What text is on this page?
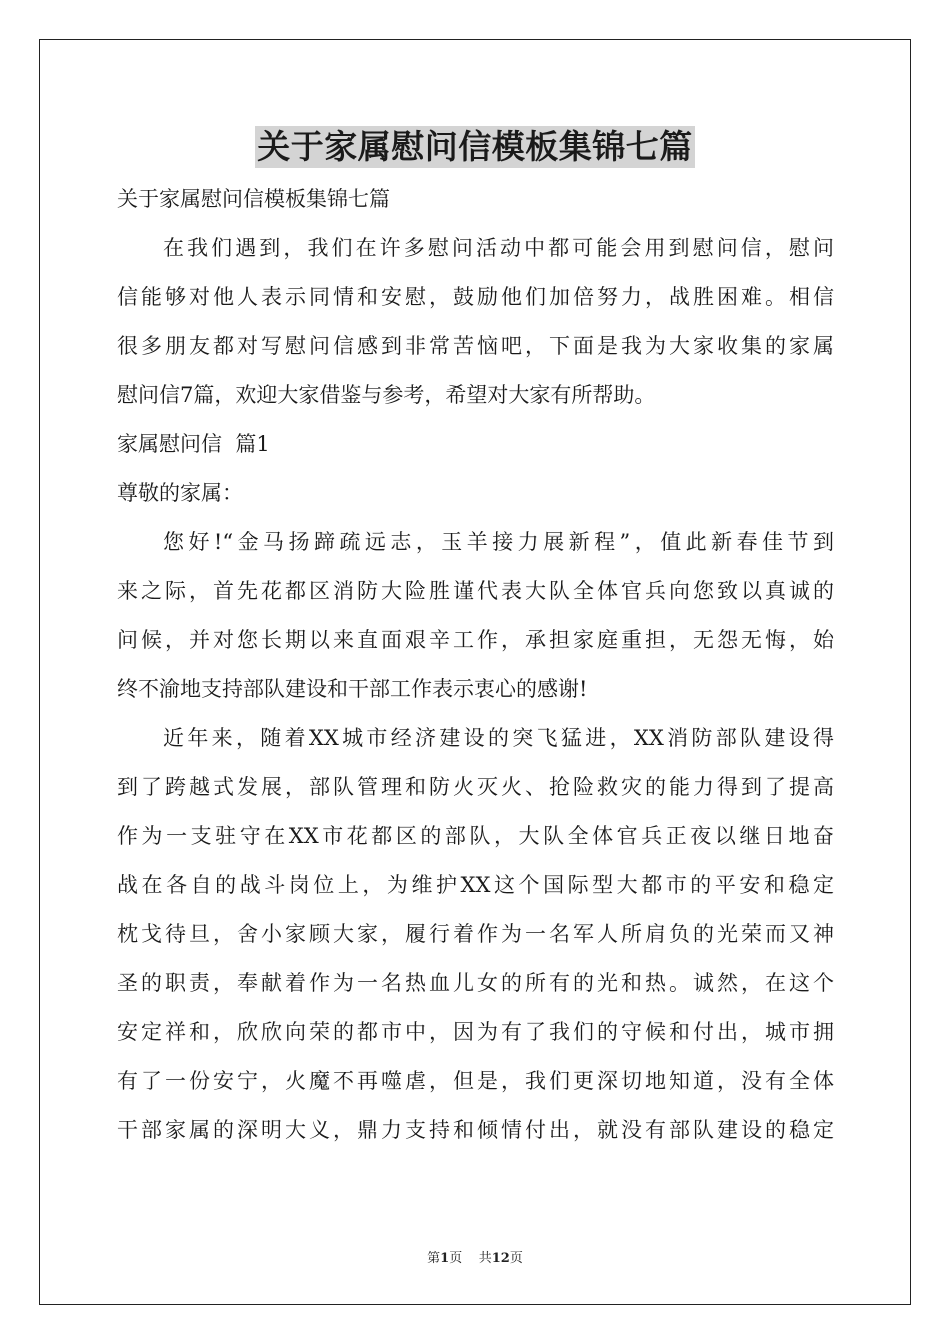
关于家属慰问信模板集锦七篇
关于家属慰问信模板集锦七篇
在我们遇到，我们在许多慰问活动中都可能会用到慰问信，慰问
信能够对他人表示同情和安慰，鼓励他们加倍努力，战胜困难。相信
很多朋友都对写慰问信感到非常苦恼吧，下面是我为大家收集的家属
慰问信7篇，欢迎大家借鉴与参考，希望对大家有所帮助。
家属慰问信  篇1
尊敬的家属：
您好!“金马扬蹄疏远志，玉羊接力展新程”，值此新春佳节到
来之际，首先花都区消防大险胜谨代表大队全体官兵向您致以真诚的
问候，并对您长期以来直面艰辛工作，承担家庭重担，无怨无悔，始
终不渝地支持部队建设和干部工作表示衷心的感谢!
近年来，随着XX城市经济建设的突飞猛进，XX消防部队建设得
到了跨越式发展，部队管理和防火灭火、抢险救灾的能力得到了提高
作为一支驻守在XX市花都区的部队，大队全体官兵正夜以继日地奋
战在各自的战斗岗位上，为维护XX这个国际型大都市的平安和稳定
枕戈待旦，舍小家顾大家，履行着作为一名军人所肩负的光荣而又神
圣的职责，奉献着作为一名热血儿女的所有的光和热。诚然，在这个
安定祥和，欣欣向荣的都市中，因为有了我们的守候和付出，城市拥
有了一份安宁，火魔不再噬虐，但是，我们更深切地知道，没有全体
干部家属的深明大义，鼎力支持和倾情付出，就没有部队建设的稳定
第1页 共12页
